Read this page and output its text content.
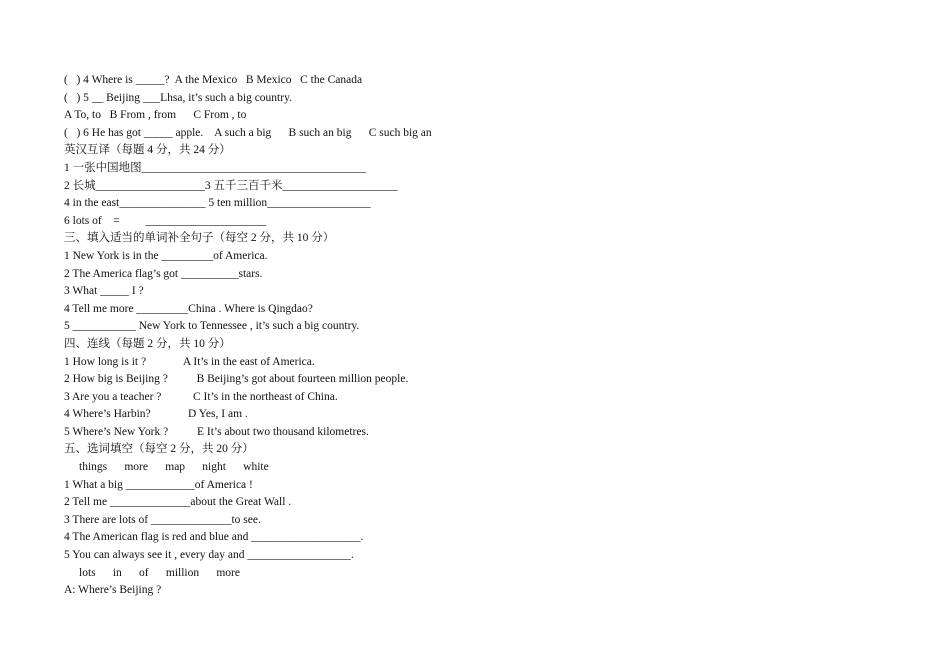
(   ) 4 Where is _____?  A the Mexico   B Mexico   C the Canada
(   ) 5 __ Beijing ___Lhsa, it’s such a big country.
A To, to   B From , from      C From , to
(   ) 6 He has got _____ apple.    A such a big      B such an big      C such big an
英汉互译（每题 4 分，共 24 分）
1 一张中国地图_______________________________________
2 长城___________________3 五千三百千米____________________
4 in the east_______________ 5 ten million__________________
6 lots of    =         _____________________
三、填入适当的单词补全句子（每空 2 分，共 10 分）
1 New York is in the _________of America.
2 The America flag’s got __________stars.
3 What _____ I ?
4 Tell me more _________China . Where is Qingdao?
5 ___________ New York to Tennessee , it’s such a big country.
四、连线（每题 2 分，共 10 分）
1 How long is it ?             A It’s in the east of America.
2 How big is Beijing ?          B Beijing’s got about fourteen million people.
3 Are you a teacher ?           C It’s in the northeast of China.
4 Where’s Harbin?             D Yes, I am .
5 Where’s New York ?          E It’s about two thousand kilometres.
五、选词填空（每空 2 分，共 20 分）
things      more      map      night      white
1 What a big ____________of America !
2 Tell me ______________about the Great Wall .
3 There are lots of ______________to see.
4 The American flag is red and blue and ___________________.
5 You can always see it , every day and __________________.
lots      in      of      million      more
A: Where’s Beijing ?
